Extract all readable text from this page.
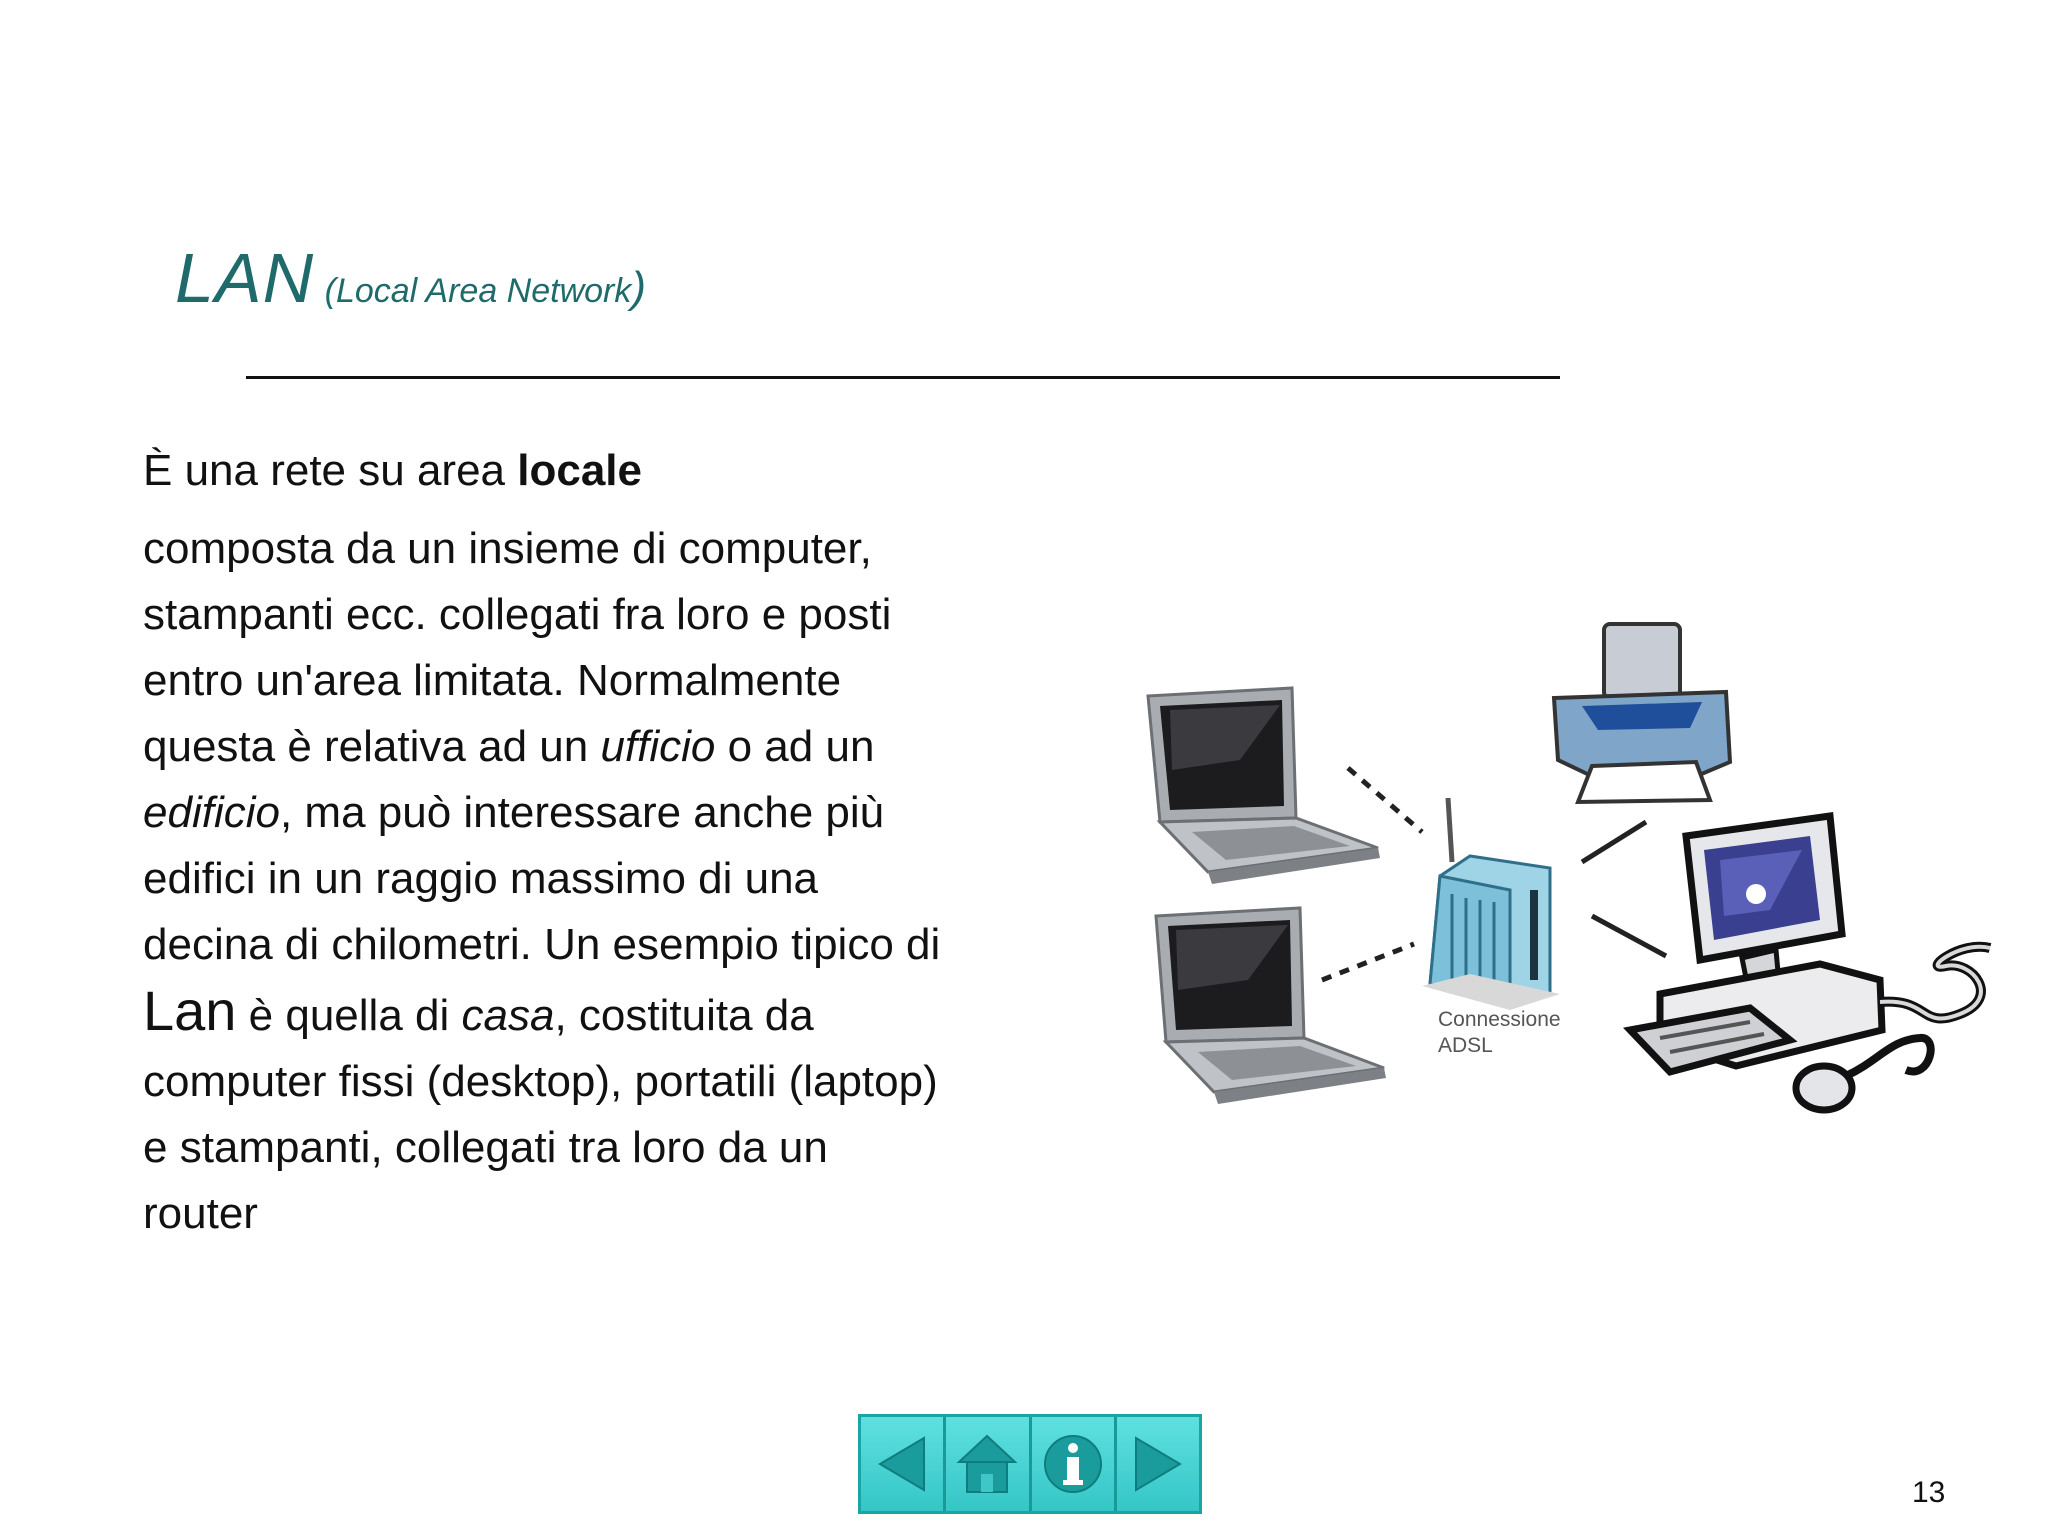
LAN (Local Area Network)

È una rete su area locale

composta da un insieme di computer, stampanti ecc. collegati fra loro e posti entro un'area limitata. Normalmente questa è relativa ad un ufficio o ad un edificio, ma può interessare anche più edifici in un raggio massimo di una decina di chilometri. Un esempio tipico di Lan è quella di casa, costituita da computer fissi (desktop), portatili (laptop) e stampanti, collegati tra loro da un router

Connessione
ADSL
13
